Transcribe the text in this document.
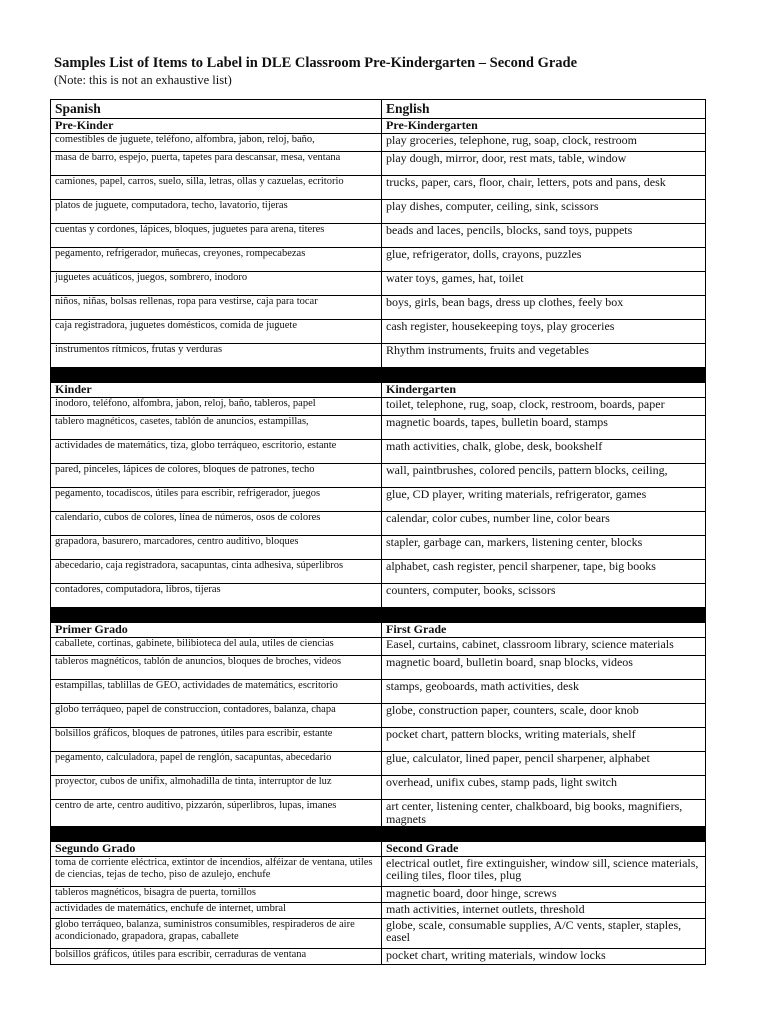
Samples List of Items to Label in DLE Classroom Pre-Kindergarten – Second Grade

(Note: this is not an exhaustive list)

Spanish	English
Pre-Kinder	Pre-Kindergarten
comestibles de juguete, teléfono, alfombra, jabon, reloj, baño,	play groceries, telephone, rug, soap, clock, restroom
masa de barro, espejo, puerta, tapetes para descansar, mesa, ventana	play dough, mirror, door, rest mats, table, window
camiones, papel, carros, suelo, silla, letras, ollas y cazuelas, ecritorio	trucks, paper, cars, floor, chair, letters, pots and pans, desk
platos de juguete, computadora, techo, lavatorio, tijeras	play dishes, computer, ceiling, sink, scissors
cuentas y cordones, lápices, bloques, juguetes para arena, titeres	beads and laces, pencils, blocks, sand toys, puppets
pegamento, refrigerador, muñecas, creyones, rompecabezas	glue, refrigerator, dolls, crayons, puzzles
juguetes acuáticos, juegos, sombrero, inodoro	water toys, games, hat, toilet
niños, niñas, bolsas rellenas, ropa para vestirse, caja para tocar	boys, girls, bean bags, dress up clothes, feely box
caja registradora, juguetes domésticos, comida de juguete	cash register, housekeeping toys, play groceries
instrumentos rítmicos, frutas y verduras	Rhythm instruments, fruits and vegetables

Kinder	Kindergarten
inodoro, teléfono, alfombra, jabon, reloj, baño, tableros, papel	toilet, telephone, rug, soap, clock, restroom, boards, paper
tablero magnéticos, casetes, tablón de anuncios, estampillas,	magnetic boards, tapes, bulletin board, stamps
actividades de matemátics, tiza, globo terráqueo, escritorio, estante	math activities, chalk, globe, desk, bookshelf
pared, pinceles, lápices de colores, bloques de patrones, techo	wall, paintbrushes, colored pencils, pattern blocks, ceiling,
pegamento, tocadiscos, útiles para escribir, refrigerador, juegos	glue, CD player, writing materials, refrigerator, games
calendario, cubos de colores, línea de números, osos de colores	calendar, color cubes, number line, color bears
grapadora, basurero, marcadores, centro auditivo, bloques	stapler, garbage can, markers, listening center, blocks
abecedario, caja registradora, sacapuntas, cinta adhesiva, súperlibros	alphabet, cash register, pencil sharpener, tape, big books
contadores, computadora, libros, tijeras	counters, computer, books, scissors

Primer Grado	First Grade
caballete, cortinas, gabinete, bilibioteca del aula, utiles de ciencias	Easel, curtains, cabinet, classroom library, science materials
tableros magnéticos, tablón de anuncios, bloques de broches, videos	magnetic board, bulletin board, snap blocks, videos
estampillas, tablillas de GEO, actividades de matemátics, escritorio	stamps, geoboards, math activities, desk
globo terráqueo, papel de construccion, contadores, balanza, chapa	globe, construction paper, counters, scale, door knob
bolsillos gráficos, bloques de patrones, útiles para escribir, estante	pocket chart, pattern blocks, writing materials, shelf
pegamento, calculadora, papel de renglón, sacapuntas, abecedario	glue, calculator, lined paper, pencil sharpener, alphabet
proyector, cubos de unifix, almohadilla de tinta, interruptor de luz	overhead, unifix cubes, stamp pads, light switch
centro de arte, centro auditivo, pizzarón, súperlibros, lupas, imanes	art center, listening center, chalkboard, big books, magnifiers, magnets

Segundo Grado	Second Grade
toma de corriente eléctrica, extintor de incendios, alféizar de ventana, utiles de ciencias, tejas de techo, piso de azulejo, enchufe	electrical outlet, fire extinguisher, window sill, science materials, ceiling tiles, floor tiles, plug
tableros magnéticos, bisagra de puerta, tornillos	magnetic board, door hinge, screws
actividades de matemátics, enchufe de internet, umbral	math activities, internet outlets, threshold
globo terráqueo, balanza, suministros consumibles, respiraderos de aire acondicionado, grapadora, grapas, caballete	globe, scale, consumable supplies, A/C vents, stapler, staples, easel
bolsillos gráficos, útiles para escribir, cerraduras de ventana	pocket chart, writing materials, window locks
